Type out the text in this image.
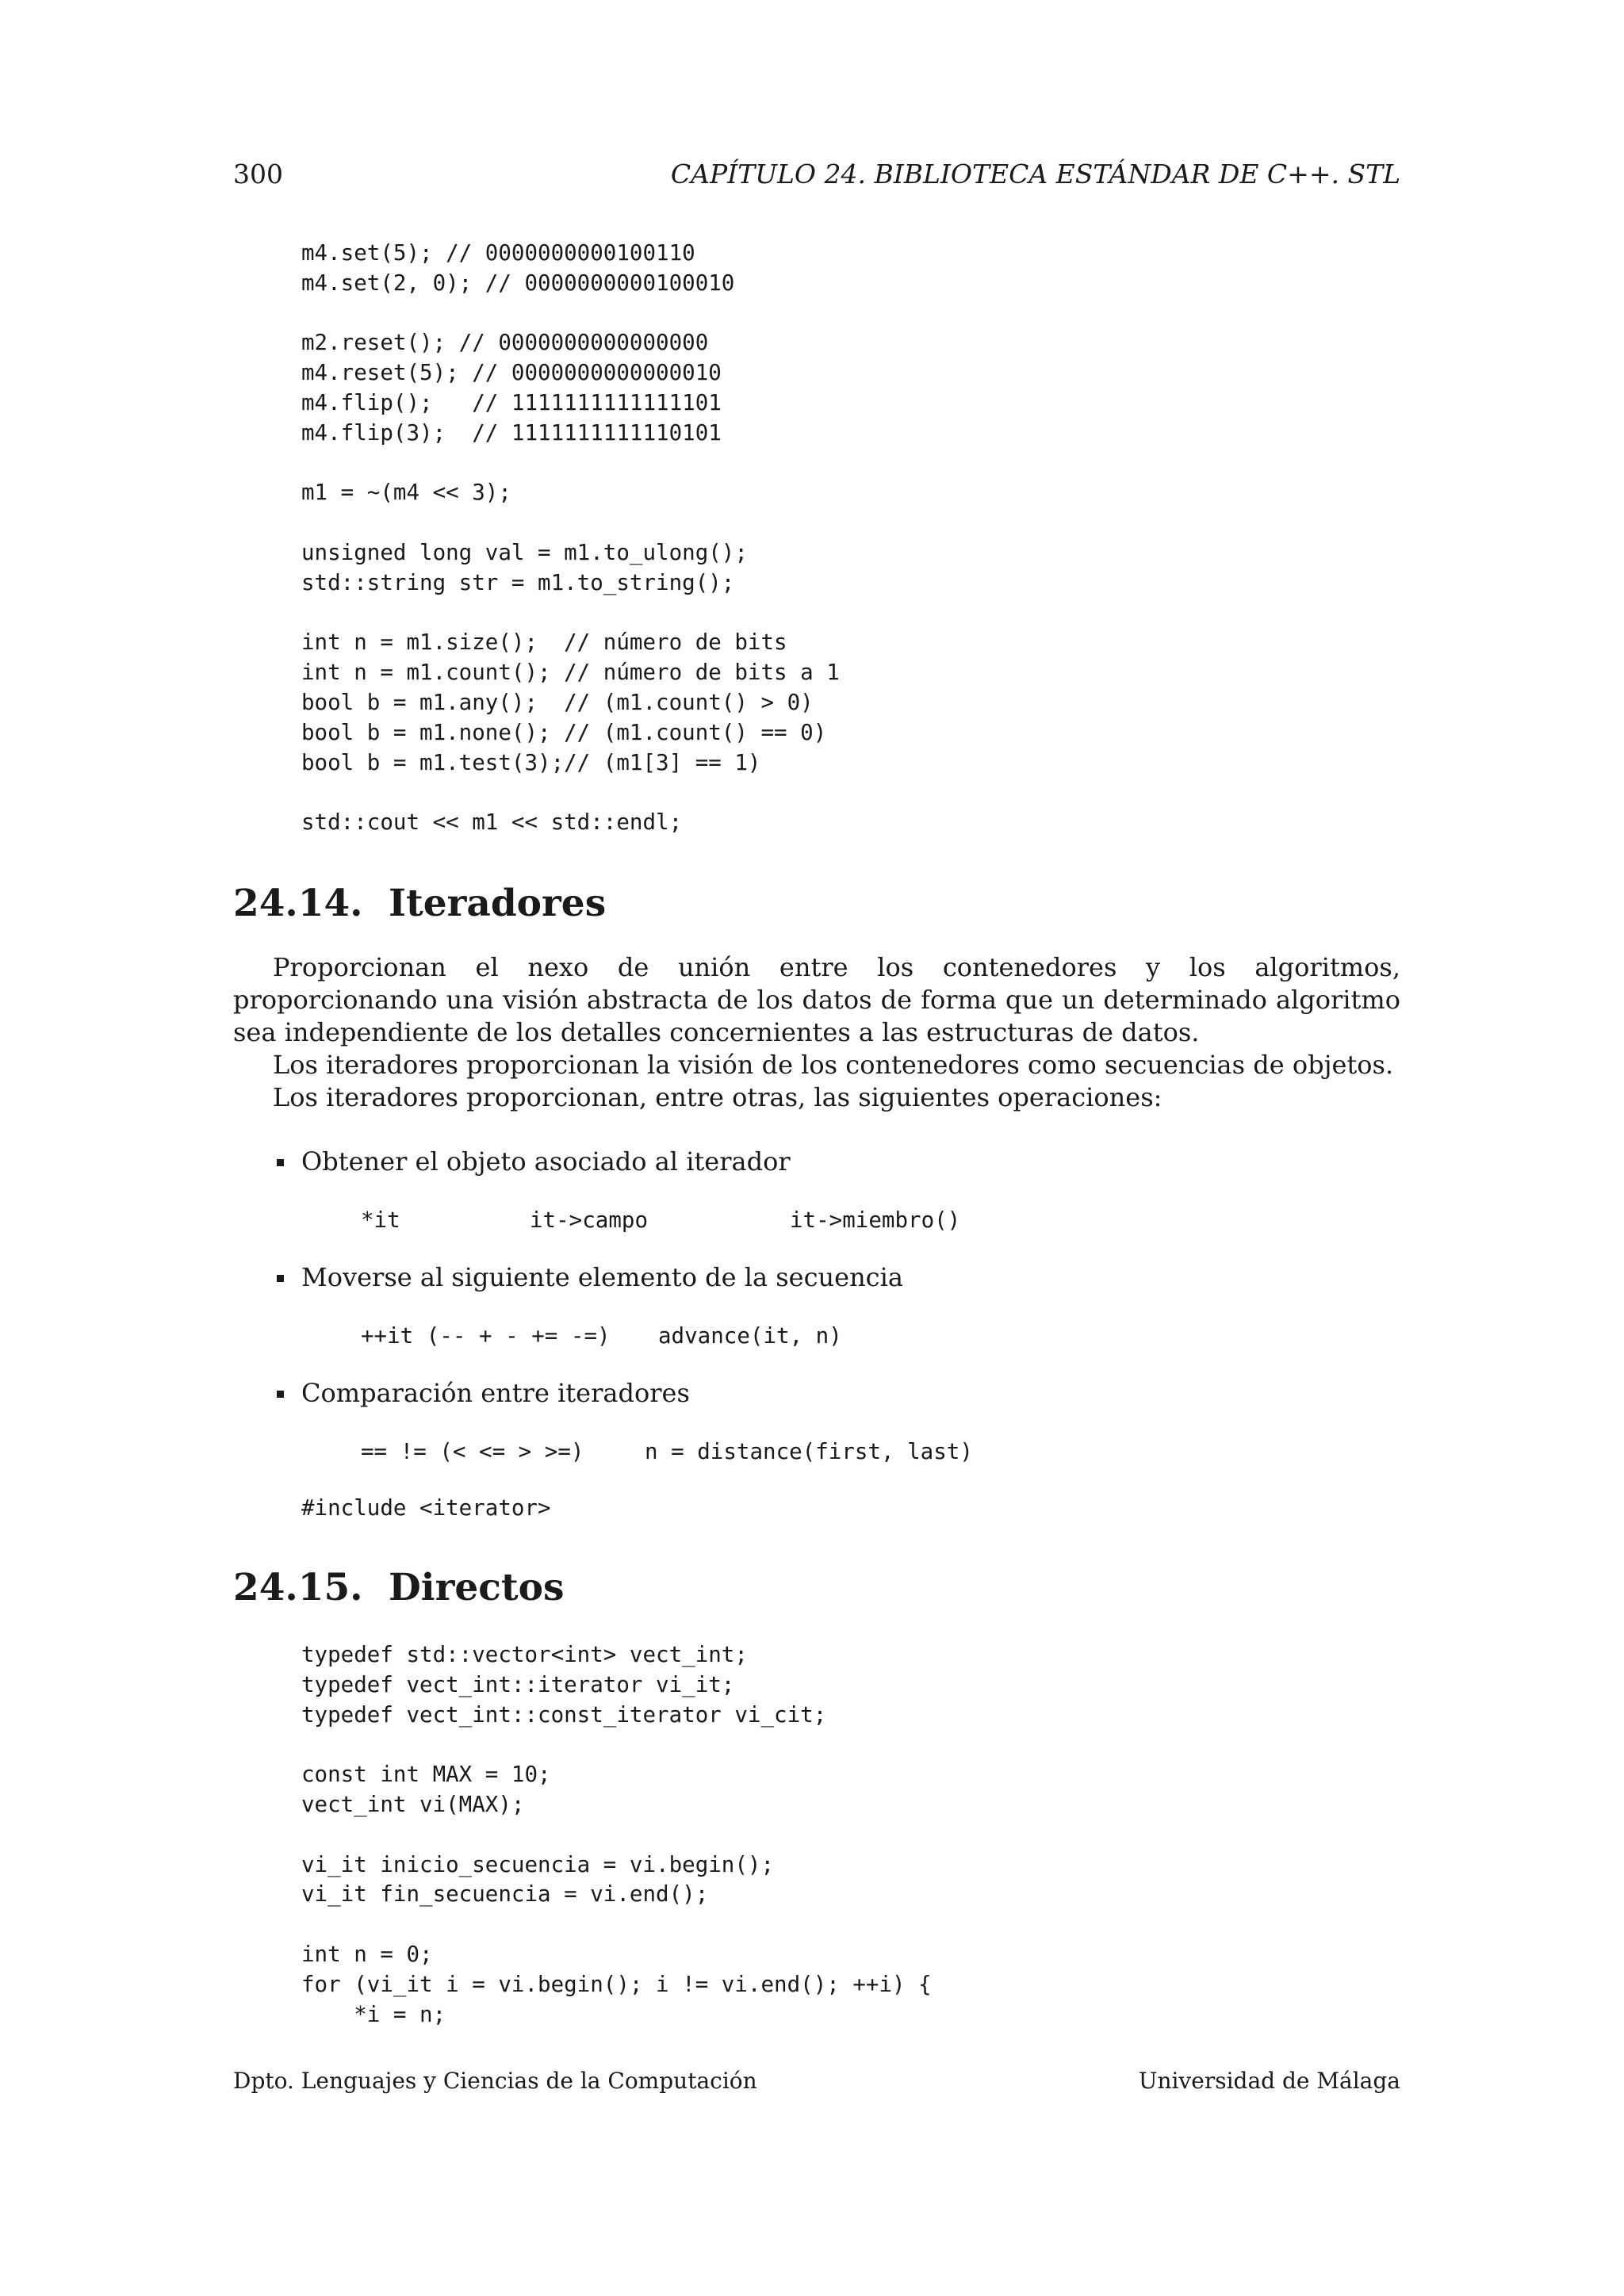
300	CAPÍTULO 24. BIBLIOTECA ESTÁNDAR DE C++. STL
m4.set(5); // 0000000000100110
m4.set(2, 0); // 0000000000100010
m2.reset(); // 0000000000000000
m4.reset(5); // 0000000000000010
m4.flip();   // 1111111111111101
m4.flip(3);  // 1111111111110101
m1 = ~(m4 << 3);
unsigned long val = m1.to_ulong();
std::string str = m1.to_string();
int n = m1.size();  // número de bits
int n = m1.count(); // número de bits a 1
bool b = m1.any();  // (m1.count() > 0)
bool b = m1.none(); // (m1.count() == 0)
bool b = m1.test(3);// (m1[3] == 1)
std::cout << m1 << std::endl;
24.14. Iteradores

Proporcionan el nexo de unión entre los contenedores y los algoritmos, proporcionando una visión abstracta de los datos de forma que un determinado algoritmo sea independiente de los detalles concernientes a las estructuras de datos.

Los iteradores proporcionan la visión de los contenedores como secuencias de objetos.

Los iteradores proporcionan, entre otras, las siguientes operaciones:

Obtener el objeto asociado al iterador
*it	it->campo	it->miembro()
Moverse al siguiente elemento de la secuencia
++it (-- + - += -=) advance(it, n)
Comparación entre iteradores
== != (< <= > >=)	n = distance(first, last)
#include <iterator>
24.15. Directos
typedef std::vector<int> vect_int;
typedef vect_int::iterator vi_it;
typedef vect_int::const_iterator vi_cit;
const int MAX = 10;
vect_int vi(MAX);
vi_it inicio_secuencia = vi.begin();
vi_it fin_secuencia = vi.end();
int n = 0;
for (vi_it i = vi.begin(); i != vi.end(); ++i) {
*i = n;
Dpto. Lenguajes y Ciencias de la Computación	Universidad de Málaga
